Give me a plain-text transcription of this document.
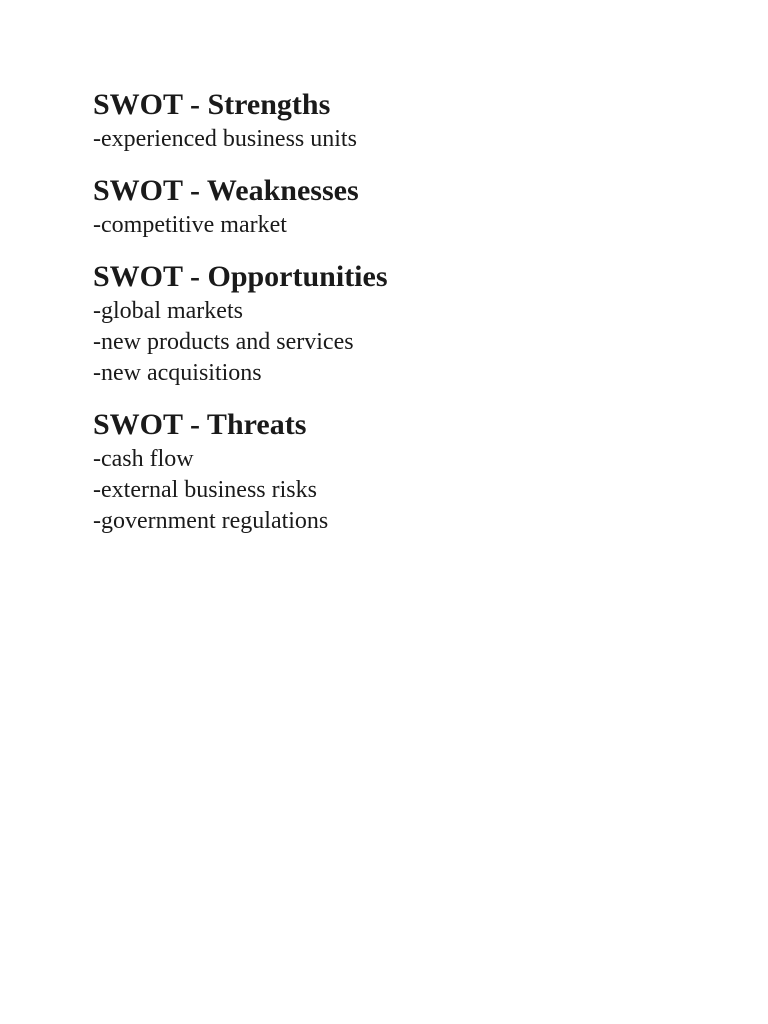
SWOT - Strengths
-experienced business units
SWOT - Weaknesses
-competitive market
SWOT - Opportunities
-global markets
-new products and services
-new acquisitions
SWOT - Threats
-cash flow
-external business risks
-government regulations
